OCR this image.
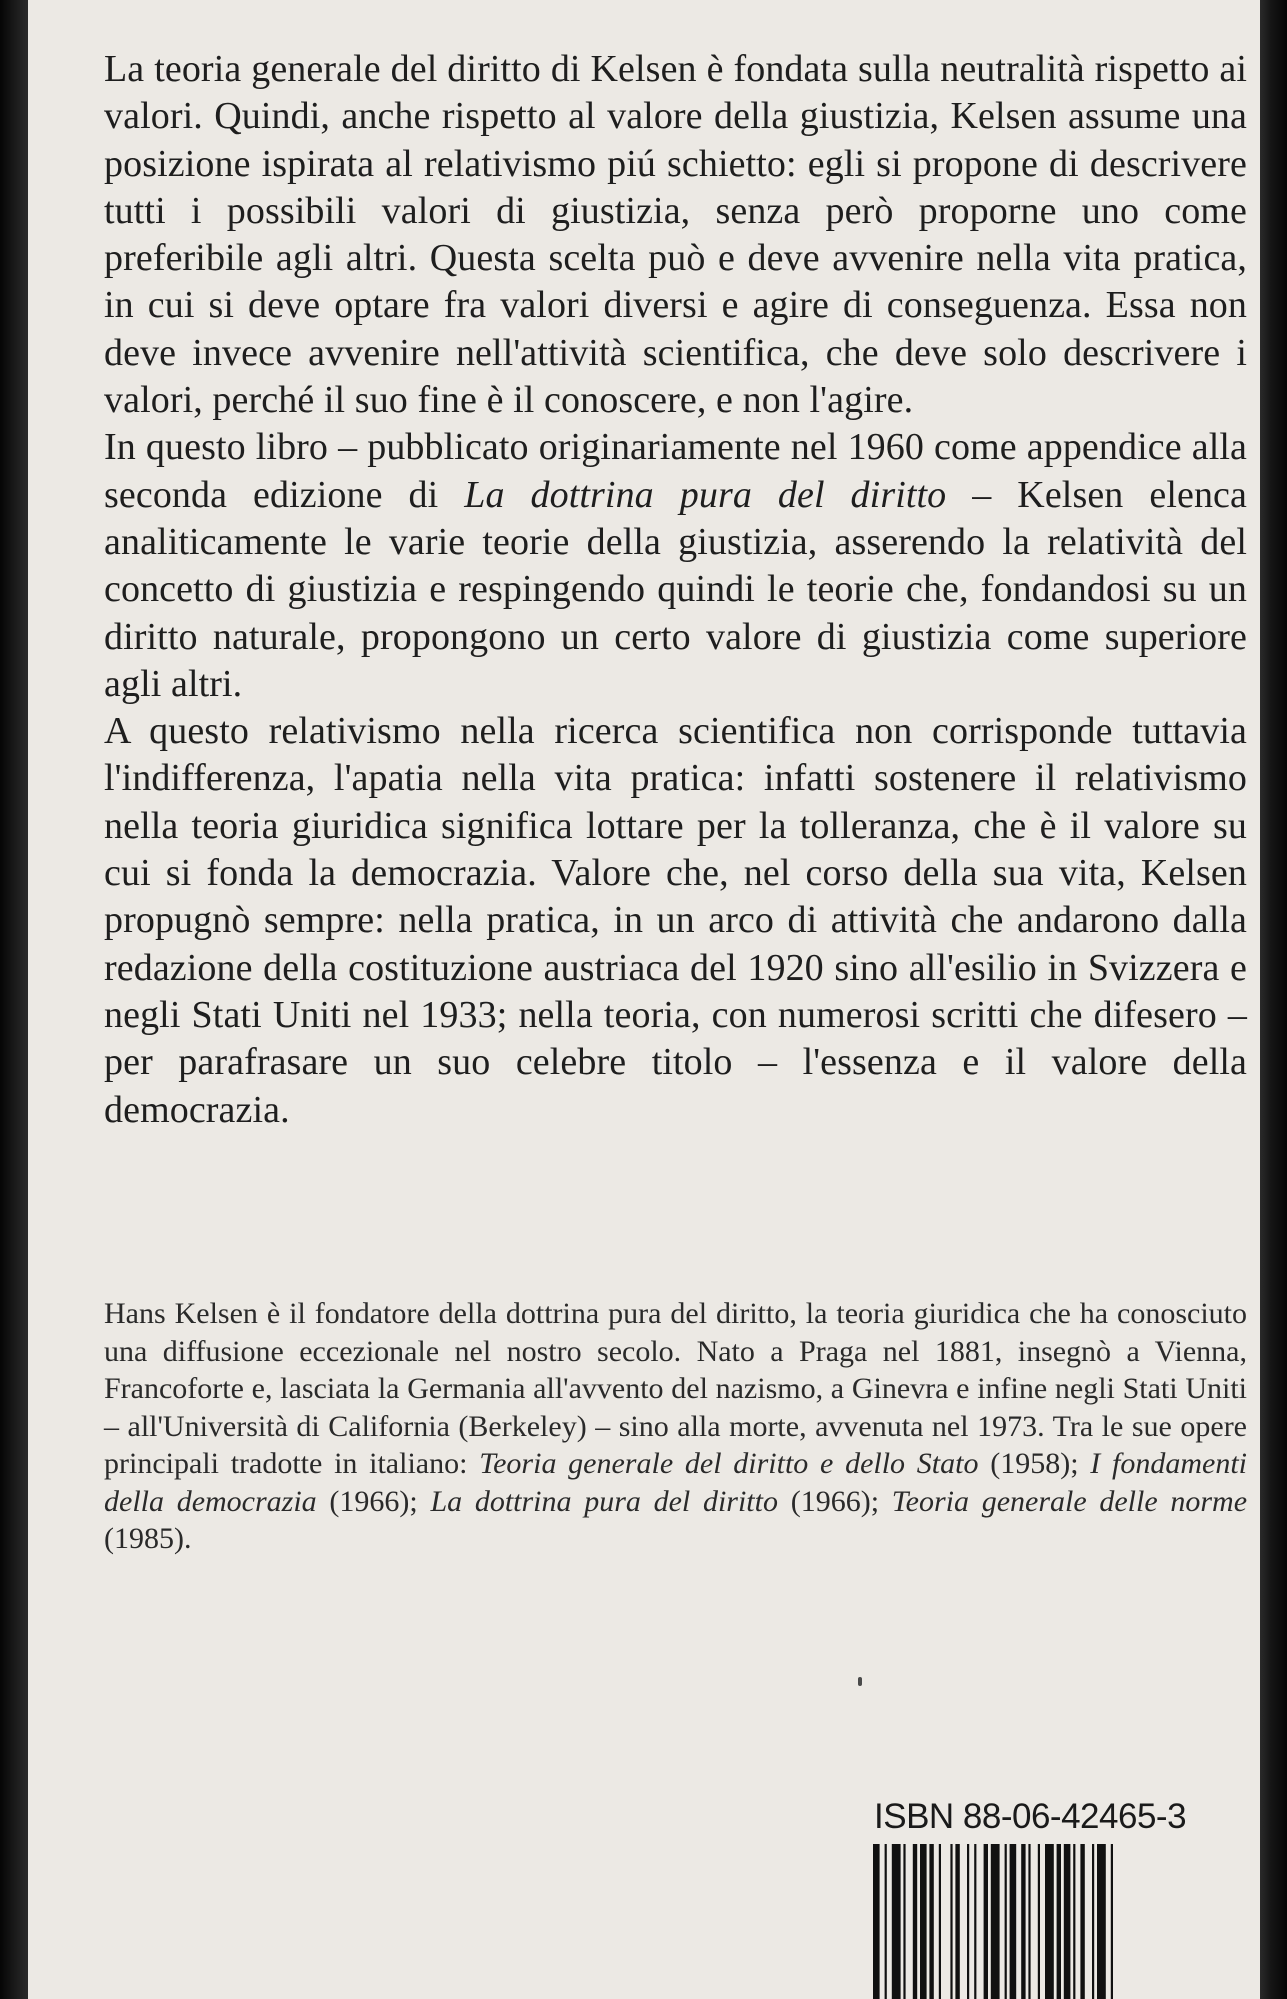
La teoria generale del diritto di Kelsen è fondata sulla neutralità rispetto ai valori. Quindi, anche rispetto al valore della giustizia, Kelsen assume una posizione ispirata al relativismo piú schietto: egli si propone di descrivere tutti i possibili valori di giustizia, senza però proporne uno come preferibile agli altri. Questa scelta può e deve avvenire nella vita pratica, in cui si deve optare fra valori diversi e agire di conseguenza. Essa non deve invece avvenire nell'attività scientifica, che deve solo descrivere i valori, perché il suo fine è il conoscere, e non l'agire.

In questo libro – pubblicato originariamente nel 1960 come appendice alla seconda edizione di La dottrina pura del diritto – Kelsen elenca analiticamente le varie teorie della giustizia, asserendo la relatività del concetto di giustizia e respingendo quindi le teorie che, fondandosi su un diritto naturale, propongono un certo valore di giustizia come superiore agli altri.

A questo relativismo nella ricerca scientifica non corrisponde tuttavia l'indifferenza, l'apatia nella vita pratica: infatti sostenere il relativismo nella teoria giuridica significa lottare per la tolleranza, che è il valore su cui si fonda la democrazia. Valore che, nel corso della sua vita, Kelsen propugnò sempre: nella pratica, in un arco di attività che andarono dalla redazione della costituzione austriaca del 1920 sino all'esilio in Svizzera e negli Stati Uniti nel 1933; nella teoria, con numerosi scritti che difesero – per parafrasare un suo celebre titolo – l'essenza e il valore della democrazia.

Hans Kelsen è il fondatore della dottrina pura del diritto, la teoria giuridica che ha conosciuto una diffusione eccezionale nel nostro secolo. Nato a Praga nel 1881, insegnò a Vienna, Francoforte e, lasciata la Germania all'avvento del nazismo, a Ginevra e infine negli Stati Uniti – all'Università di California (Berkeley) – sino alla morte, avvenuta nel 1973. Tra le sue opere principali tradotte in italiano: Teoria generale del diritto e dello Stato (1958); I fondamenti della democrazia (1966); La dottrina pura del diritto (1966); Teoria generale delle norme (1985).

ISBN 88-06-42465-3
